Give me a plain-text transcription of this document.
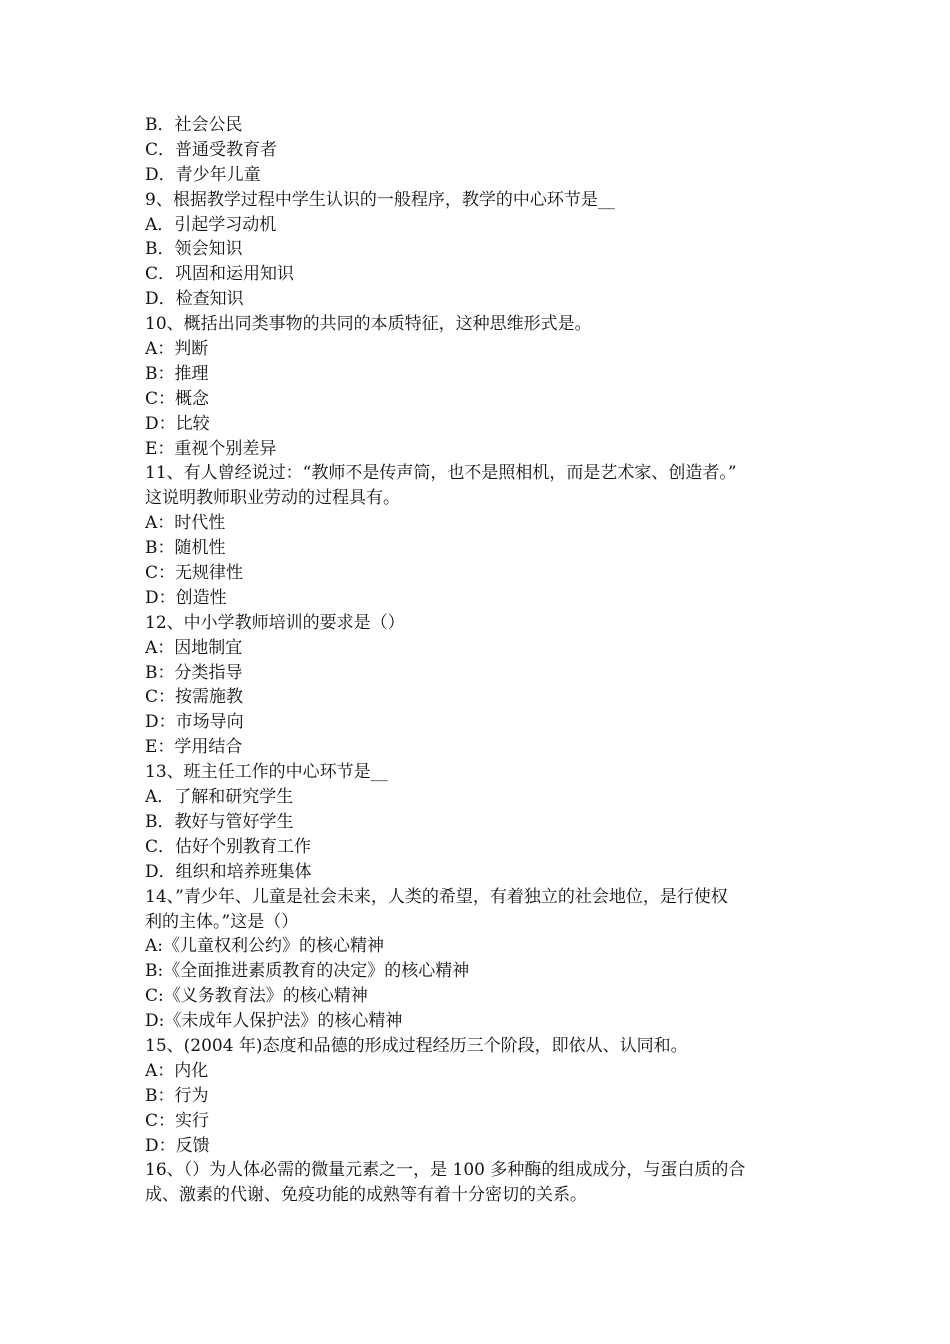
B．社会公民
C．普通受教育者
D．青少年儿童
9、根据教学过程中学生认识的一般程序，教学的中心环节是__
A．引起学习动机
B．领会知识
C．巩固和运用知识
D．检查知识
10、概括出同类事物的共同的本质特征，这种思维形式是。
A：判断
B：推理
C：概念
D：比较
E：重视个别差异
11、有人曾经说过：“教师不是传声筒，也不是照相机，而是艺术家、创造者。”
这说明教师职业劳动的过程具有。
A：时代性
B：随机性
C：无规律性
D：创造性
12、中小学教师培训的要求是（）
A：因地制宜
B：分类指导
C：按需施教
D：市场导向
E：学用结合
13、班主任工作的中心环节是__
A．了解和研究学生
B．教好与管好学生
C．估好个别教育工作
D．组织和培养班集体
14、”青少年、儿童是社会未来，人类的希望，有着独立的社会地位，是行使权
利的主体。”这是（）
A:《儿童权利公约》的核心精神
B:《全面推进素质教育的决定》的核心精神
C:《义务教育法》的核心精神
D:《未成年人保护法》的核心精神
15、(2004 年)态度和品德的形成过程经历三个阶段，即依从、认同和。
A：内化
B：行为
C：实行
D：反馈
16、（）为人体必需的微量元素之一，是 100 多种酶的组成成分，与蛋白质的合
成、激素的代谢、免疫功能的成熟等有着十分密切的关系。
